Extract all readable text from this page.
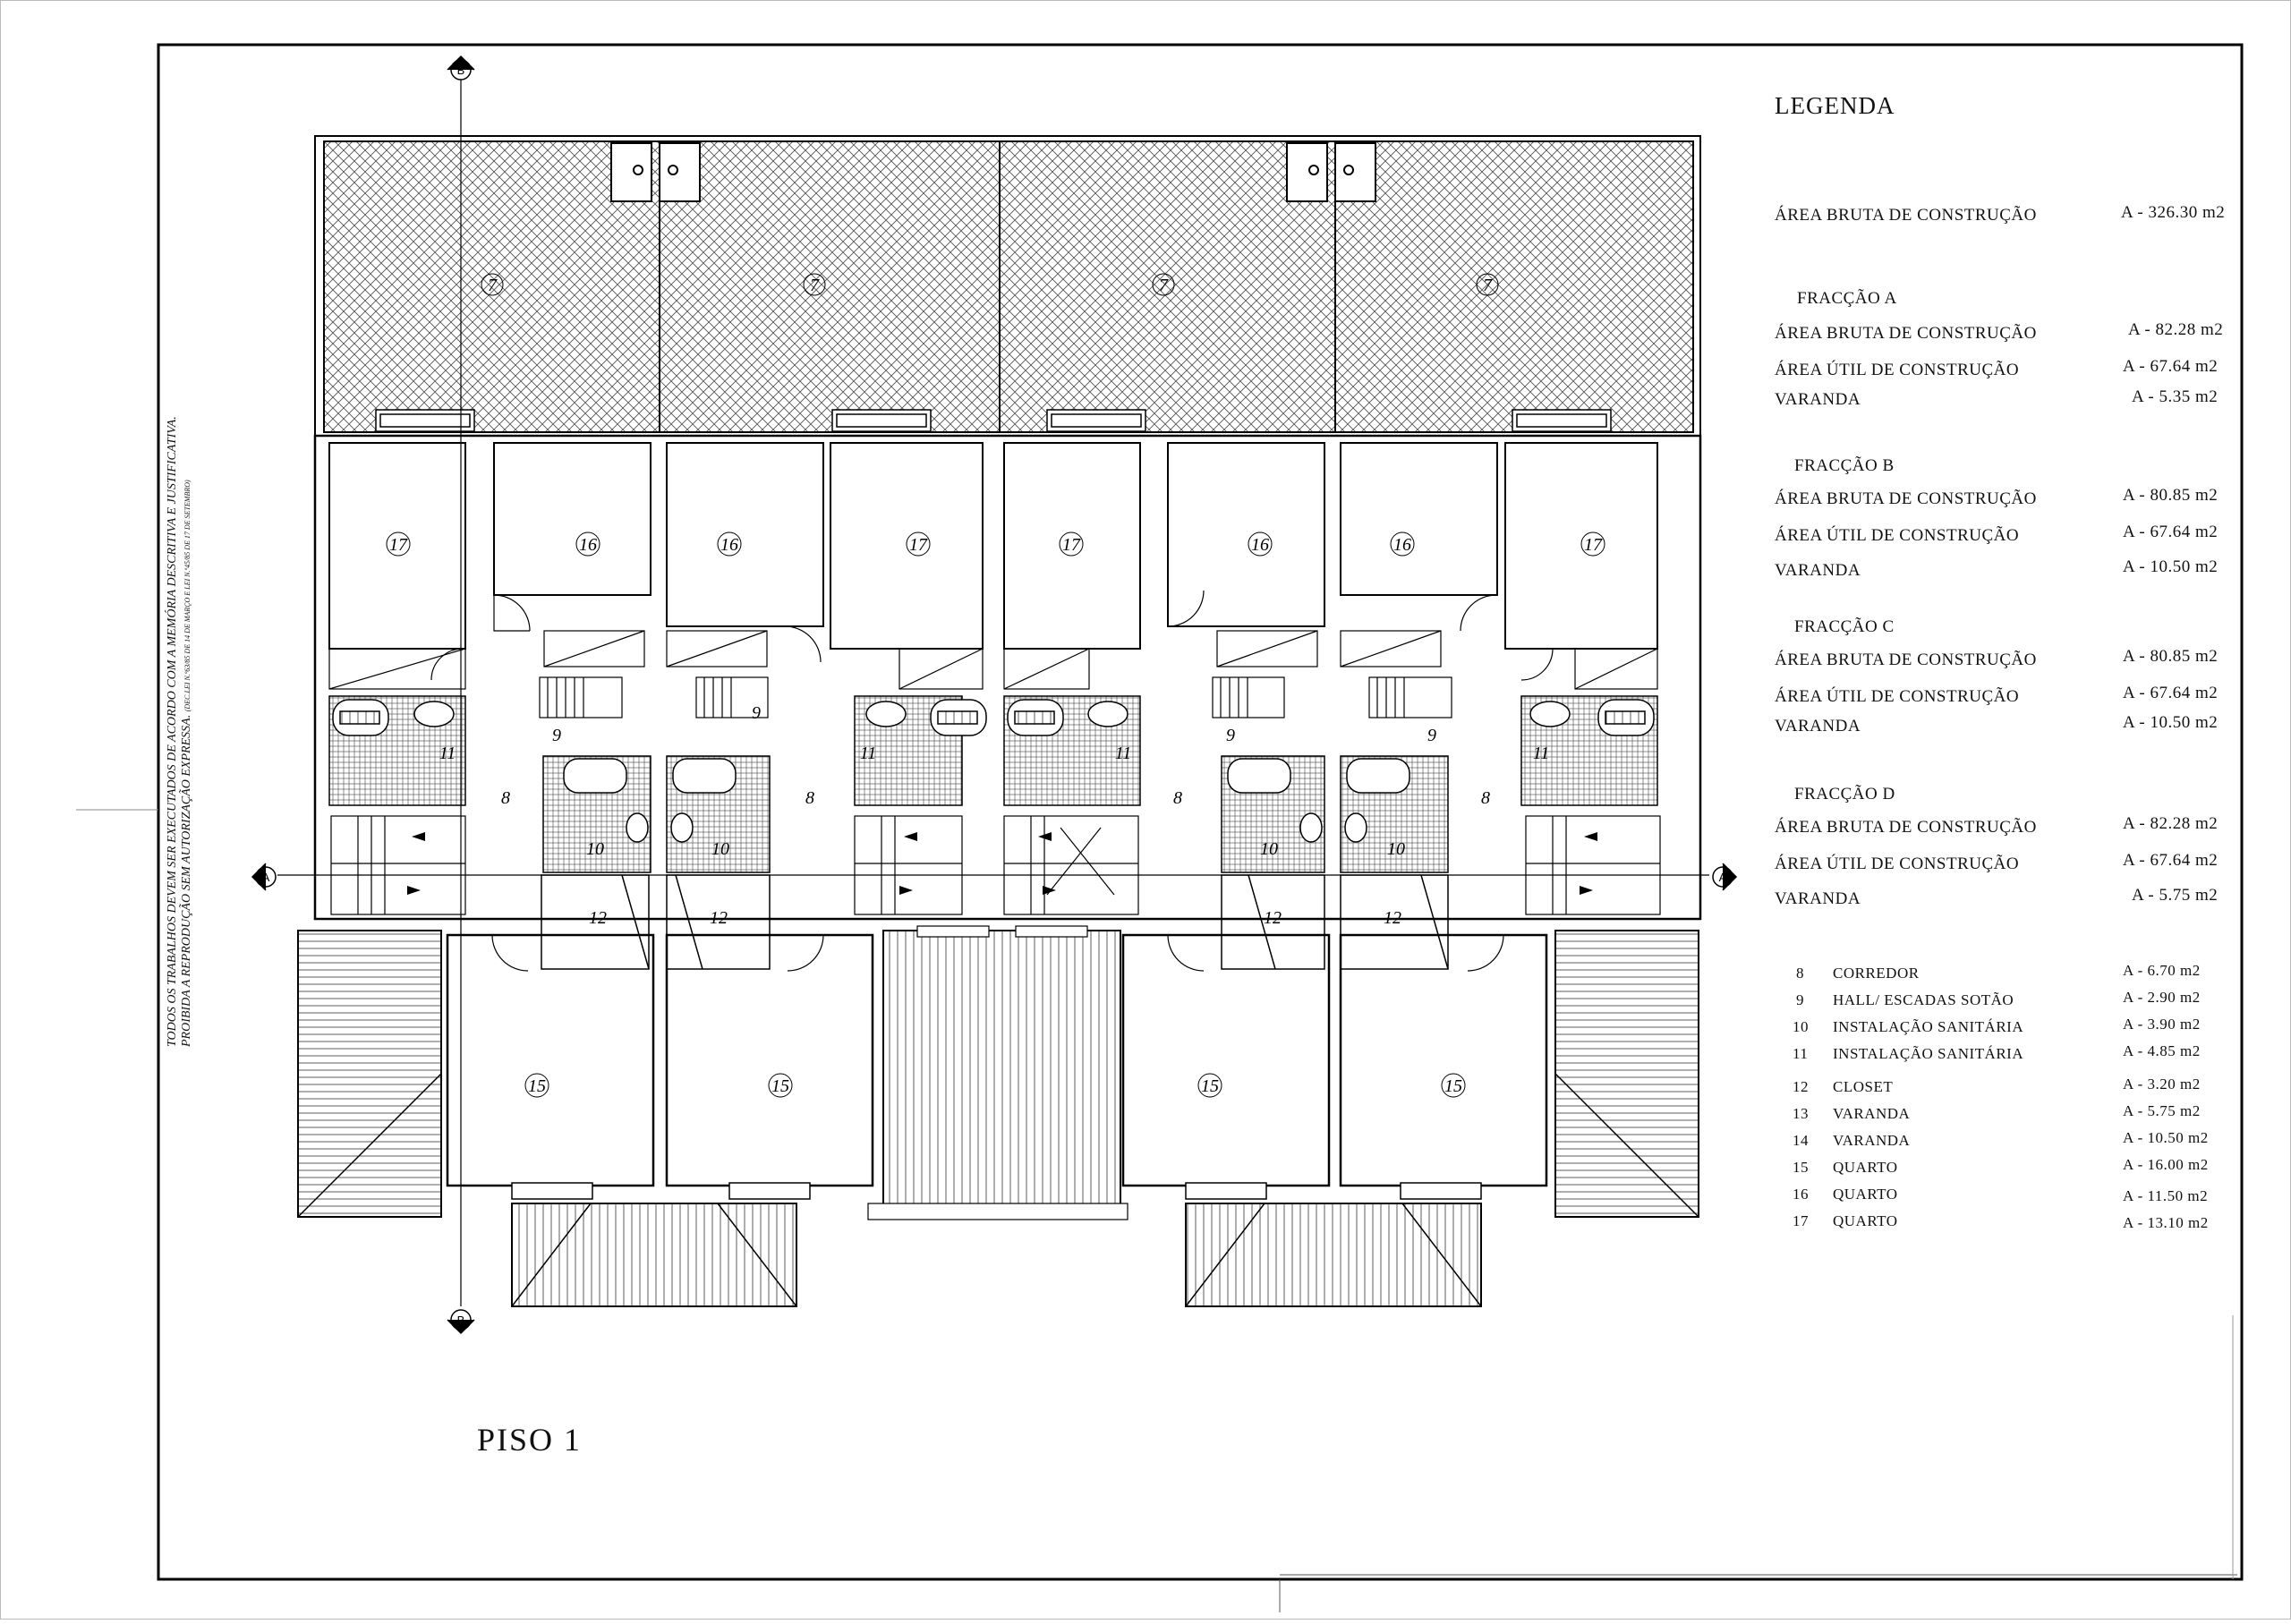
B
B
A	A
7	7	7	7
17	16	16	17	17	16	16	17
9
9
9	9
11	11	11	11
8	8	8	8
10	10	10	10
12	12	12	12
15	15	15	15
LEGENDA
ÁREA BRUTA DE CONSTRUÇÃO	A - 326.30 m2
FRACÇÃO A
ÁREA BRUTA DE CONSTRUÇÃO	A - 82.28 m2
ÁREA ÚTIL DE CONSTRUÇÃO	A - 67.64 m2
VARANDA	A - 5.35 m2
FRACÇÃO B
ÁREA BRUTA DE CONSTRUÇÃO	A - 80.85 m2
ÁREA ÚTIL DE CONSTRUÇÃO	A - 67.64 m2
VARANDA	A - 10.50 m2
FRACÇÃO C
ÁREA BRUTA DE CONSTRUÇÃO	A - 80.85 m2
ÁREA ÚTIL DE CONSTRUÇÃO	A - 67.64 m2
VARANDA	A - 10.50 m2
FRACÇÃO D
ÁREA BRUTA DE CONSTRUÇÃO	A - 82.28 m2
ÁREA ÚTIL DE CONSTRUÇÃO	A - 67.64 m2
VARANDA	A - 5.75 m2
8 CORREDOR	A - 6.70 m2
9 HALL/ ESCADAS SOTÃO	A - 2.90 m2
10 INSTALAÇÃO SANITÁRIA	A - 3.90 m2
11 INSTALAÇÃO SANITÁRIA	A - 4.85 m2
12 CLOSET	A - 3.20 m2
13 VARANDA	A - 5.75 m2
14 VARANDA	A - 10.50 m2
15 QUARTO	A - 16.00 m2
16 QUARTO	A - 11.50 m2
17 QUARTO	A - 13.10 m2
PISO 1
TODOS OS TRABALHOS DEVEM SER EXECUTADOS DE ACORDO COM A MEMÓRIA DESCRITIVA E JUSTIFICATIVA. PROIBIDA A REPRODUÇÃO SEM AUTORIZAÇÃO EXPRESSA. (DEC.LEI N.º63/85 DE 14 DE MARÇO E LEI N.º45/85 DE 17 DE SETEMBRO)
